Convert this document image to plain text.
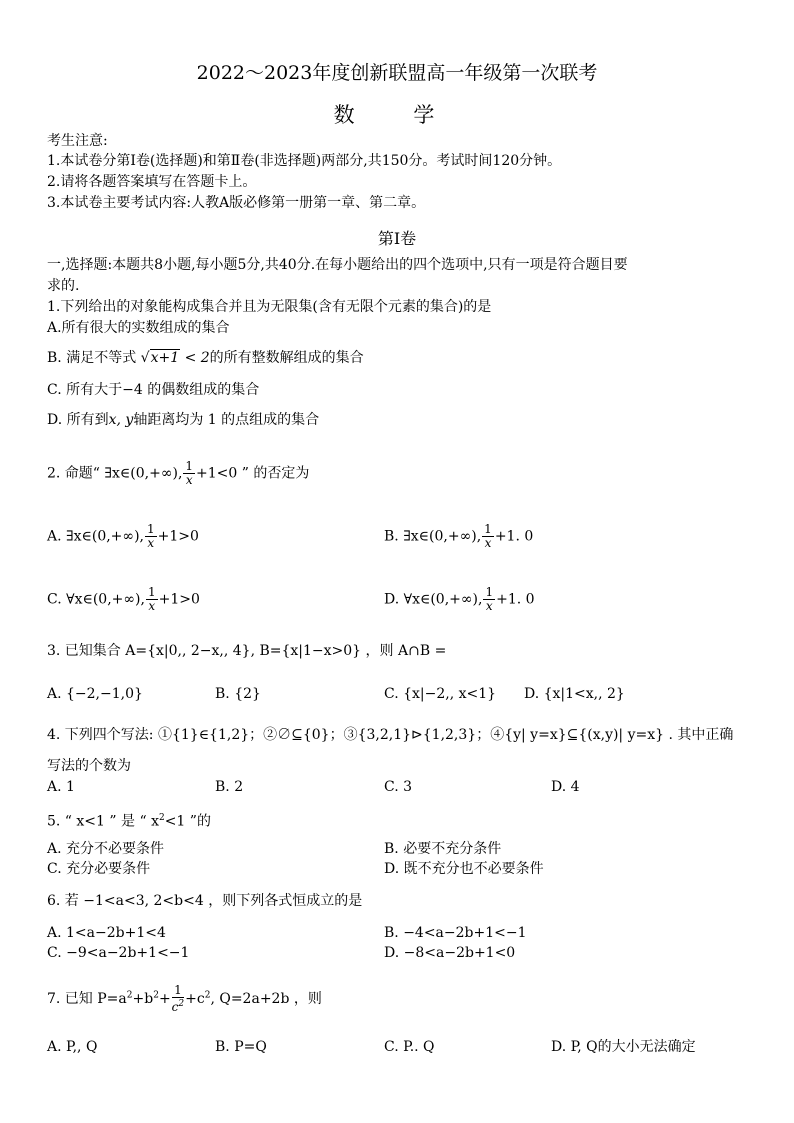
2022～2023年度创新联盟高一年级第一次联考
数 学
考生注意:
1.本试卷分第Ⅰ卷(选择题)和第Ⅱ卷(非选择题)两部分,共150分。考试时间120分钟。
2.请将各题答案填写在答题卡上。
3.本试卷主要考试内容:人教A版必修第一册第一章、第二章。
第Ⅰ卷
一,选择题:本题共8小题,每小题5分,共40分.在每小题给出的四个选项中,只有一项是符合题目要
求的.
1.下列给出的对象能构成集合并且为无限集(含有无限个元素的集合)的是
A.所有很大的实数组成的集合
B. 满足不等式 √x+1 < 2的所有整数解组成的集合
C. 所有大于−4 的偶数组成的集合
D. 所有到x, y轴距离均为 1 的点组成的集合
2. 命题“ ∃x∈(0,+∞), $\frac{1}{x} +1<0$ ” 的否定为
A. ∃x∈(0,+∞), $\frac{1}{x} +1>0$	B. ∃x∈(0,+∞), $\frac{1}{x} +1$. 0
C. ∀x∈(0,+∞), $\frac{1}{x} +1>0$	D. ∀x∈(0,+∞), $\frac{1}{x} +1$. 0
3. 已知集合 A={x|0,, 2−x,, 4}, B={x|1−x>0} ，则 A∩B =
A. {−2,−1,0}	B. {2}	C. {x|−2,, x<1} D. {x|1<x,, 2}
4. 下列四个写法: ①{1}∈{1,2}；②∅⊆{0}；③{3,2,1}⊳{1,2,3}；④{y| y=x}⊆{(x,y)| y=x} . 其中正确
写法的个数为
A. 1	B. 2	C. 3	D. 4
5. “ x<1 ” 是 “ $x^2<1$ ”的
A. 充分不必要条件	B. 必要不充分条件
C. 充分必要条件	D. 既不充分也不必要条件
6. 若 −1<a<3, 2<b<4 ，则下列各式恒成立的是
A. 1<a−2b+1<4	B. −4<a−2b+1<−1
C. −9<a−2b+1<−1	D. −8<a−2b+1<0
7. 已知 $P=a^2+b^2+ \frac{1}{c^2} +c^2$, Q=2a+2b ，则
A. P,, Q	B. P=Q	C. P.. Q	D. P, Q的大小无法确定
